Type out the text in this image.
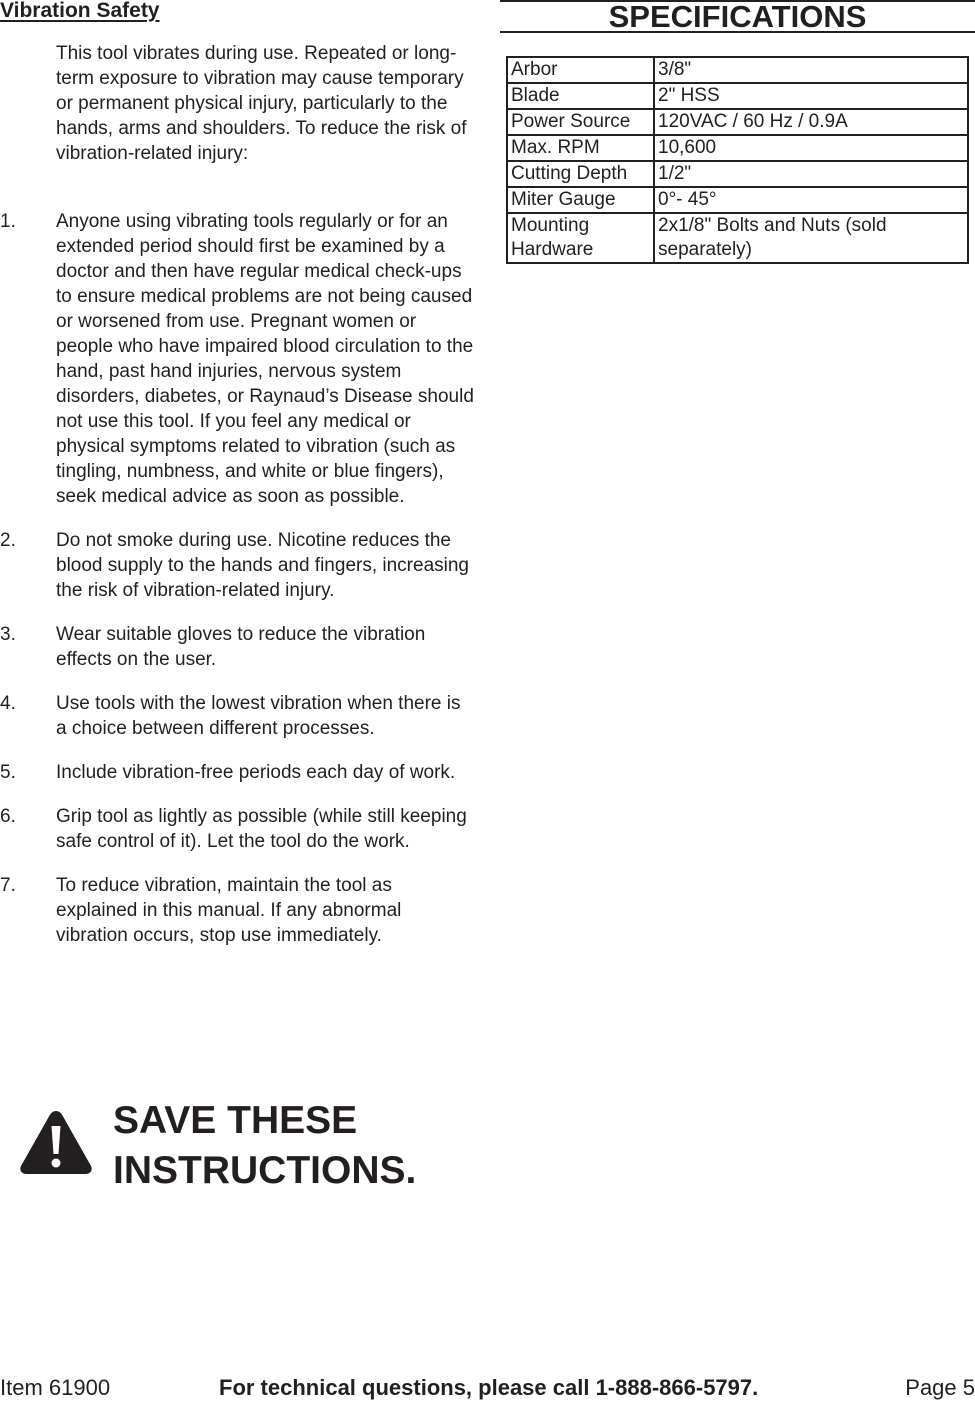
Vibration Safety

This tool vibrates during use. Repeated or long-term exposure to vibration may cause temporary or permanent physical injury, particularly to the hands, arms and shoulders. To reduce the risk of vibration-related injury:

1. Anyone using vibrating tools regularly or for an extended period should first be examined by a doctor and then have regular medical check-ups to ensure medical problems are not being caused or worsened from use. Pregnant women or people who have impaired blood circulation to the hand, past hand injuries, nervous system disorders, diabetes, or Raynaud’s Disease should not use this tool. If you feel any medical or physical symptoms related to vibration (such as tingling, numbness, and white or blue fingers), seek medical advice as soon as possible.
2. Do not smoke during use. Nicotine reduces the blood supply to the hands and fingers, increasing the risk of vibration-related injury.
3. Wear suitable gloves to reduce the vibration effects on the user.
4. Use tools with the lowest vibration when there is a choice between different processes.
5. Include vibration-free periods each day of work.
6. Grip tool as lightly as possible (while still keeping safe control of it). Let the tool do the work.
7. To reduce vibration, maintain the tool as explained in this manual. If any abnormal vibration occurs, stop use immediately.

SAVE THESE
INSTRUCTIONS.

SPECIFICATIONS
Arbor	3/8"
Blade	2" HSS
Power Source	120VAC / 60 Hz / 0.9A
Max. RPM	10,600
Cutting Depth	1/2"
Miter Gauge	0°- 45°
Mounting Hardware	2x1/8" Bolts and Nuts (sold separately)
Item 61900	For technical questions, please call 1-888-866-5797.	Page 5
